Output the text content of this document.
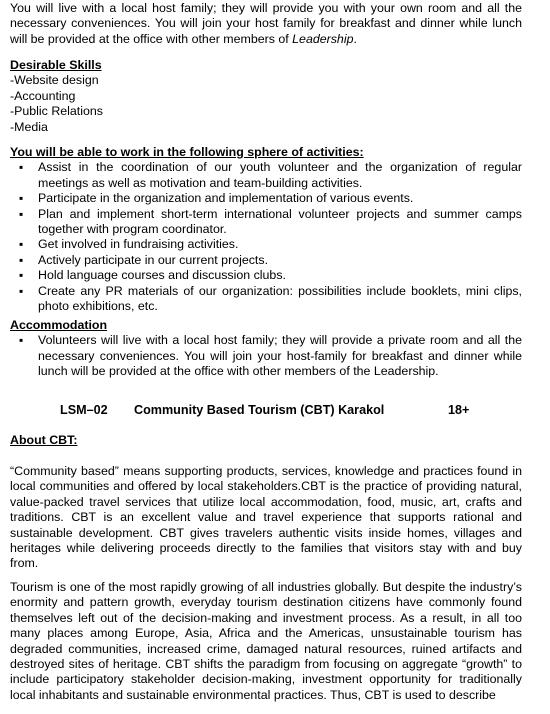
You will live with a local host family; they will provide you with your own room and all the necessary conveniences. You will join your host family for breakfast and dinner while lunch will be provided at the office with other members of Leadership.

Desirable Skills
-Website design
-Accounting
-Public Relations
-Media
You will be able to work in the following sphere of activities:
▪ Assist in the coordination of our youth volunteer and the organization of regular meetings as well as motivation and team-building activities.
▪ Participate in the organization and implementation of various events.
▪ Plan and implement short-term international volunteer projects and summer camps together with program coordinator.
▪ Get involved in fundraising activities.
▪ Actively participate in our current projects.
▪ Hold language courses and discussion clubs.
▪ Create any PR materials of our organization: possibilities include booklets, mini clips, photo exhibitions, etc.
Accommodation
▪ Volunteers will live with a local host family; they will provide a private room and all the necessary conveniences. You will join your host-family for breakfast and dinner while lunch will be provided at the office with other members of the Leadership.
LSM–02 Community Based Tourism (CBT) Karakol	18+
About CBT:

“Community based” means supporting products, services, knowledge and practices found in local communities and offered by local stakeholders.CBT is the practice of providing natural, value-packed travel services that utilize local accommodation, food, music, art, crafts and traditions. CBT is an excellent value and travel experience that supports rational and sustainable development. CBT gives travelers authentic visits inside homes, villages and heritages while delivering proceeds directly to the families that visitors stay with and buy from.

Tourism is one of the most rapidly growing of all industries globally. But despite the industry’s enormity and pattern growth, everyday tourism destination citizens have commonly found themselves left out of the decision-making and investment process. As a result, in all too many places among Europe, Asia, Africa and the Americas, unsustainable tourism has degraded communities, increased crime, damaged natural resources, ruined artifacts and destroyed sites of heritage. CBT shifts the paradigm from focusing on aggregate “growth” to include participatory stakeholder decision-making, investment opportunity for traditionally local inhabitants and sustainable environmental practices. Thus, CBT is used to describe
